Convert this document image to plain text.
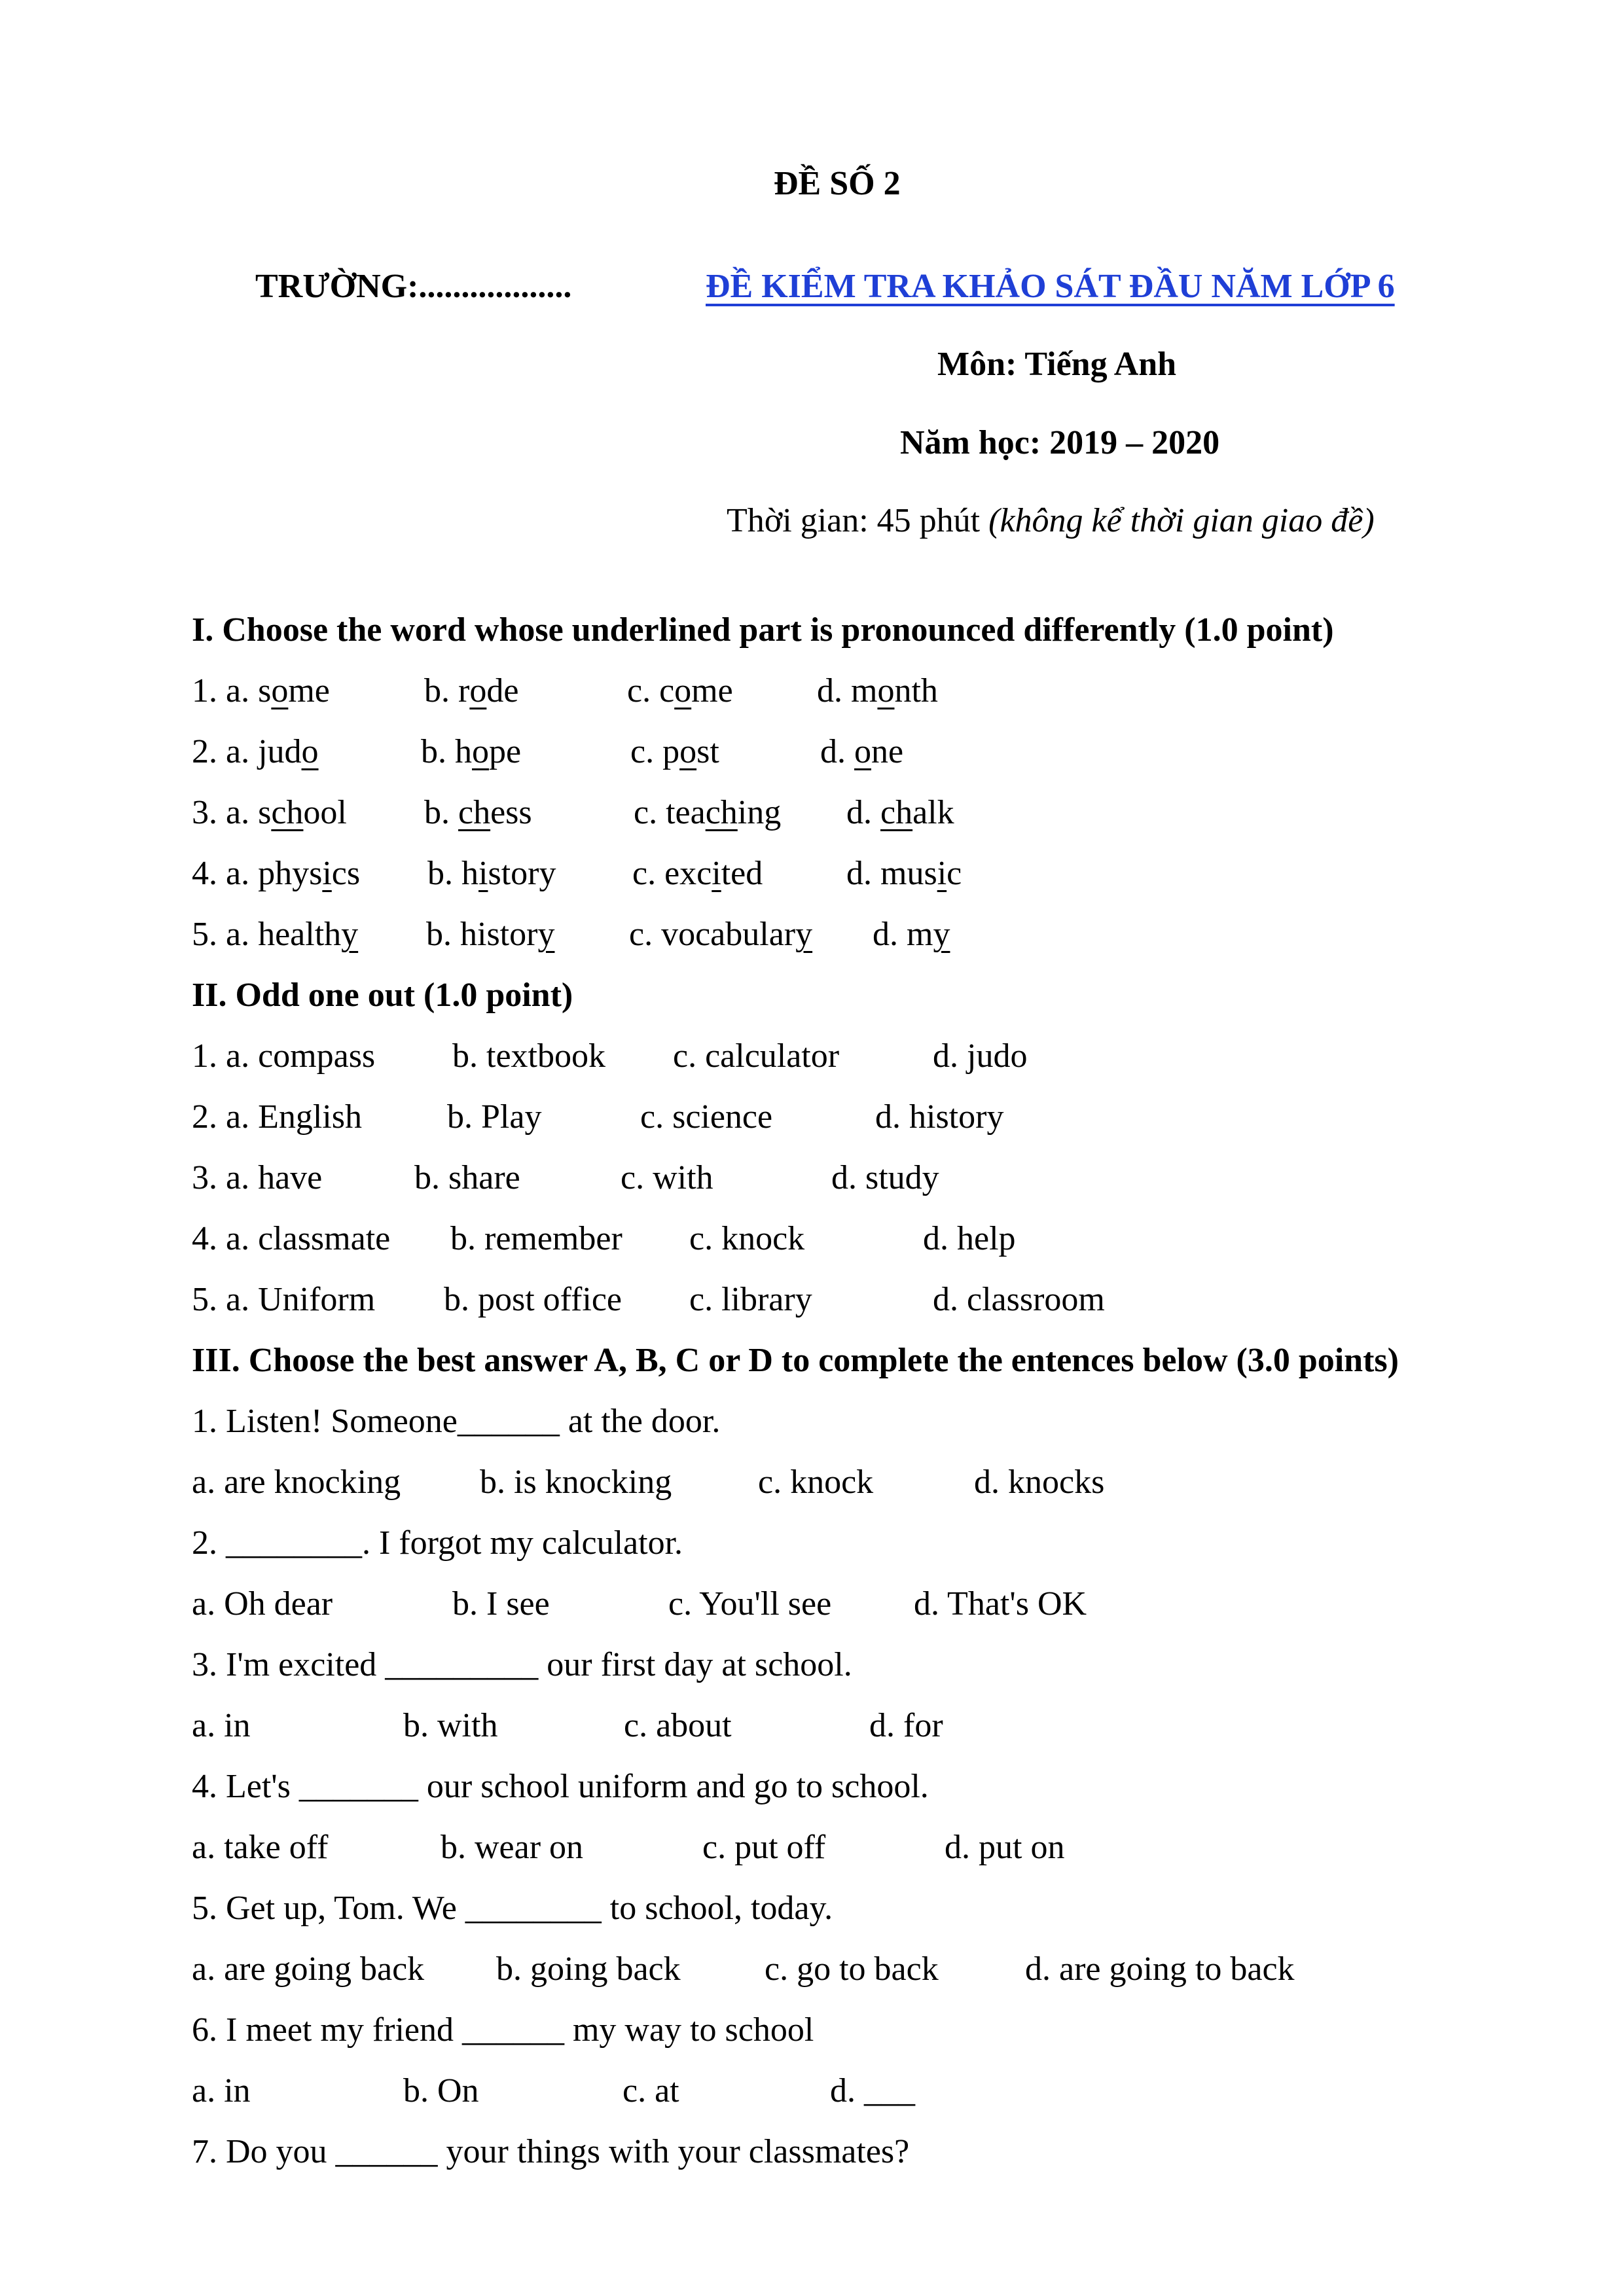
ĐỀ SỐ 2
TRƯỜNG:..................	ĐỀ KIỂM TRA KHẢO SÁT ĐẦU NĂM LỚP 6
Môn: Tiếng Anh
Năm học: 2019 – 2020
Thời gian: 45 phút (không kể thời gian giao đề)
I. Choose the word whose underlined part is pronounced differently (1.0 point)
1. a. some	b. rode	c. come d. month
2. a. judo	b. hope	c. post	d. one
3. a. school b. chess	c. teaching d. chalk
4. a. physics b. history c. excited d. music
5. a. healthy b. history c. vocabulary d. my
II. Odd one out (1.0 point)
1. a. compass b. textbook c. calculator	d. judo
2. a. English	b. Play	c. science	d. history
3. a. have	b. share	c. with	d. study
4. a. classmate b. remember c. knock	d. help
5. a. Uniform b. post office c. library	d. classroom
III. Choose the best answer A, B, C or D to complete the entences below (3.0 points)
1. Listen! Someone______ at the door.
a. are knocking b. is knocking	c. knock	d. knocks
2. ________. I forgot my calculator.
a. Oh dear	b. I see	c. You'll see d. That's OK
3. I'm excited _________ our first day at school.
a. in	b. with	c. about	d. for
4. Let's _______ our school uniform and go to school.
a. take off	b. wear on	c. put off	d. put on
5. Get up, Tom. We ________ to school, today.
a. are going back b. going back c. go to back	d. are going to back
6. I meet my friend ______ my way to school
a. in	b. On	c. at	d. ___
7. Do you ______ your things with your classmates?
